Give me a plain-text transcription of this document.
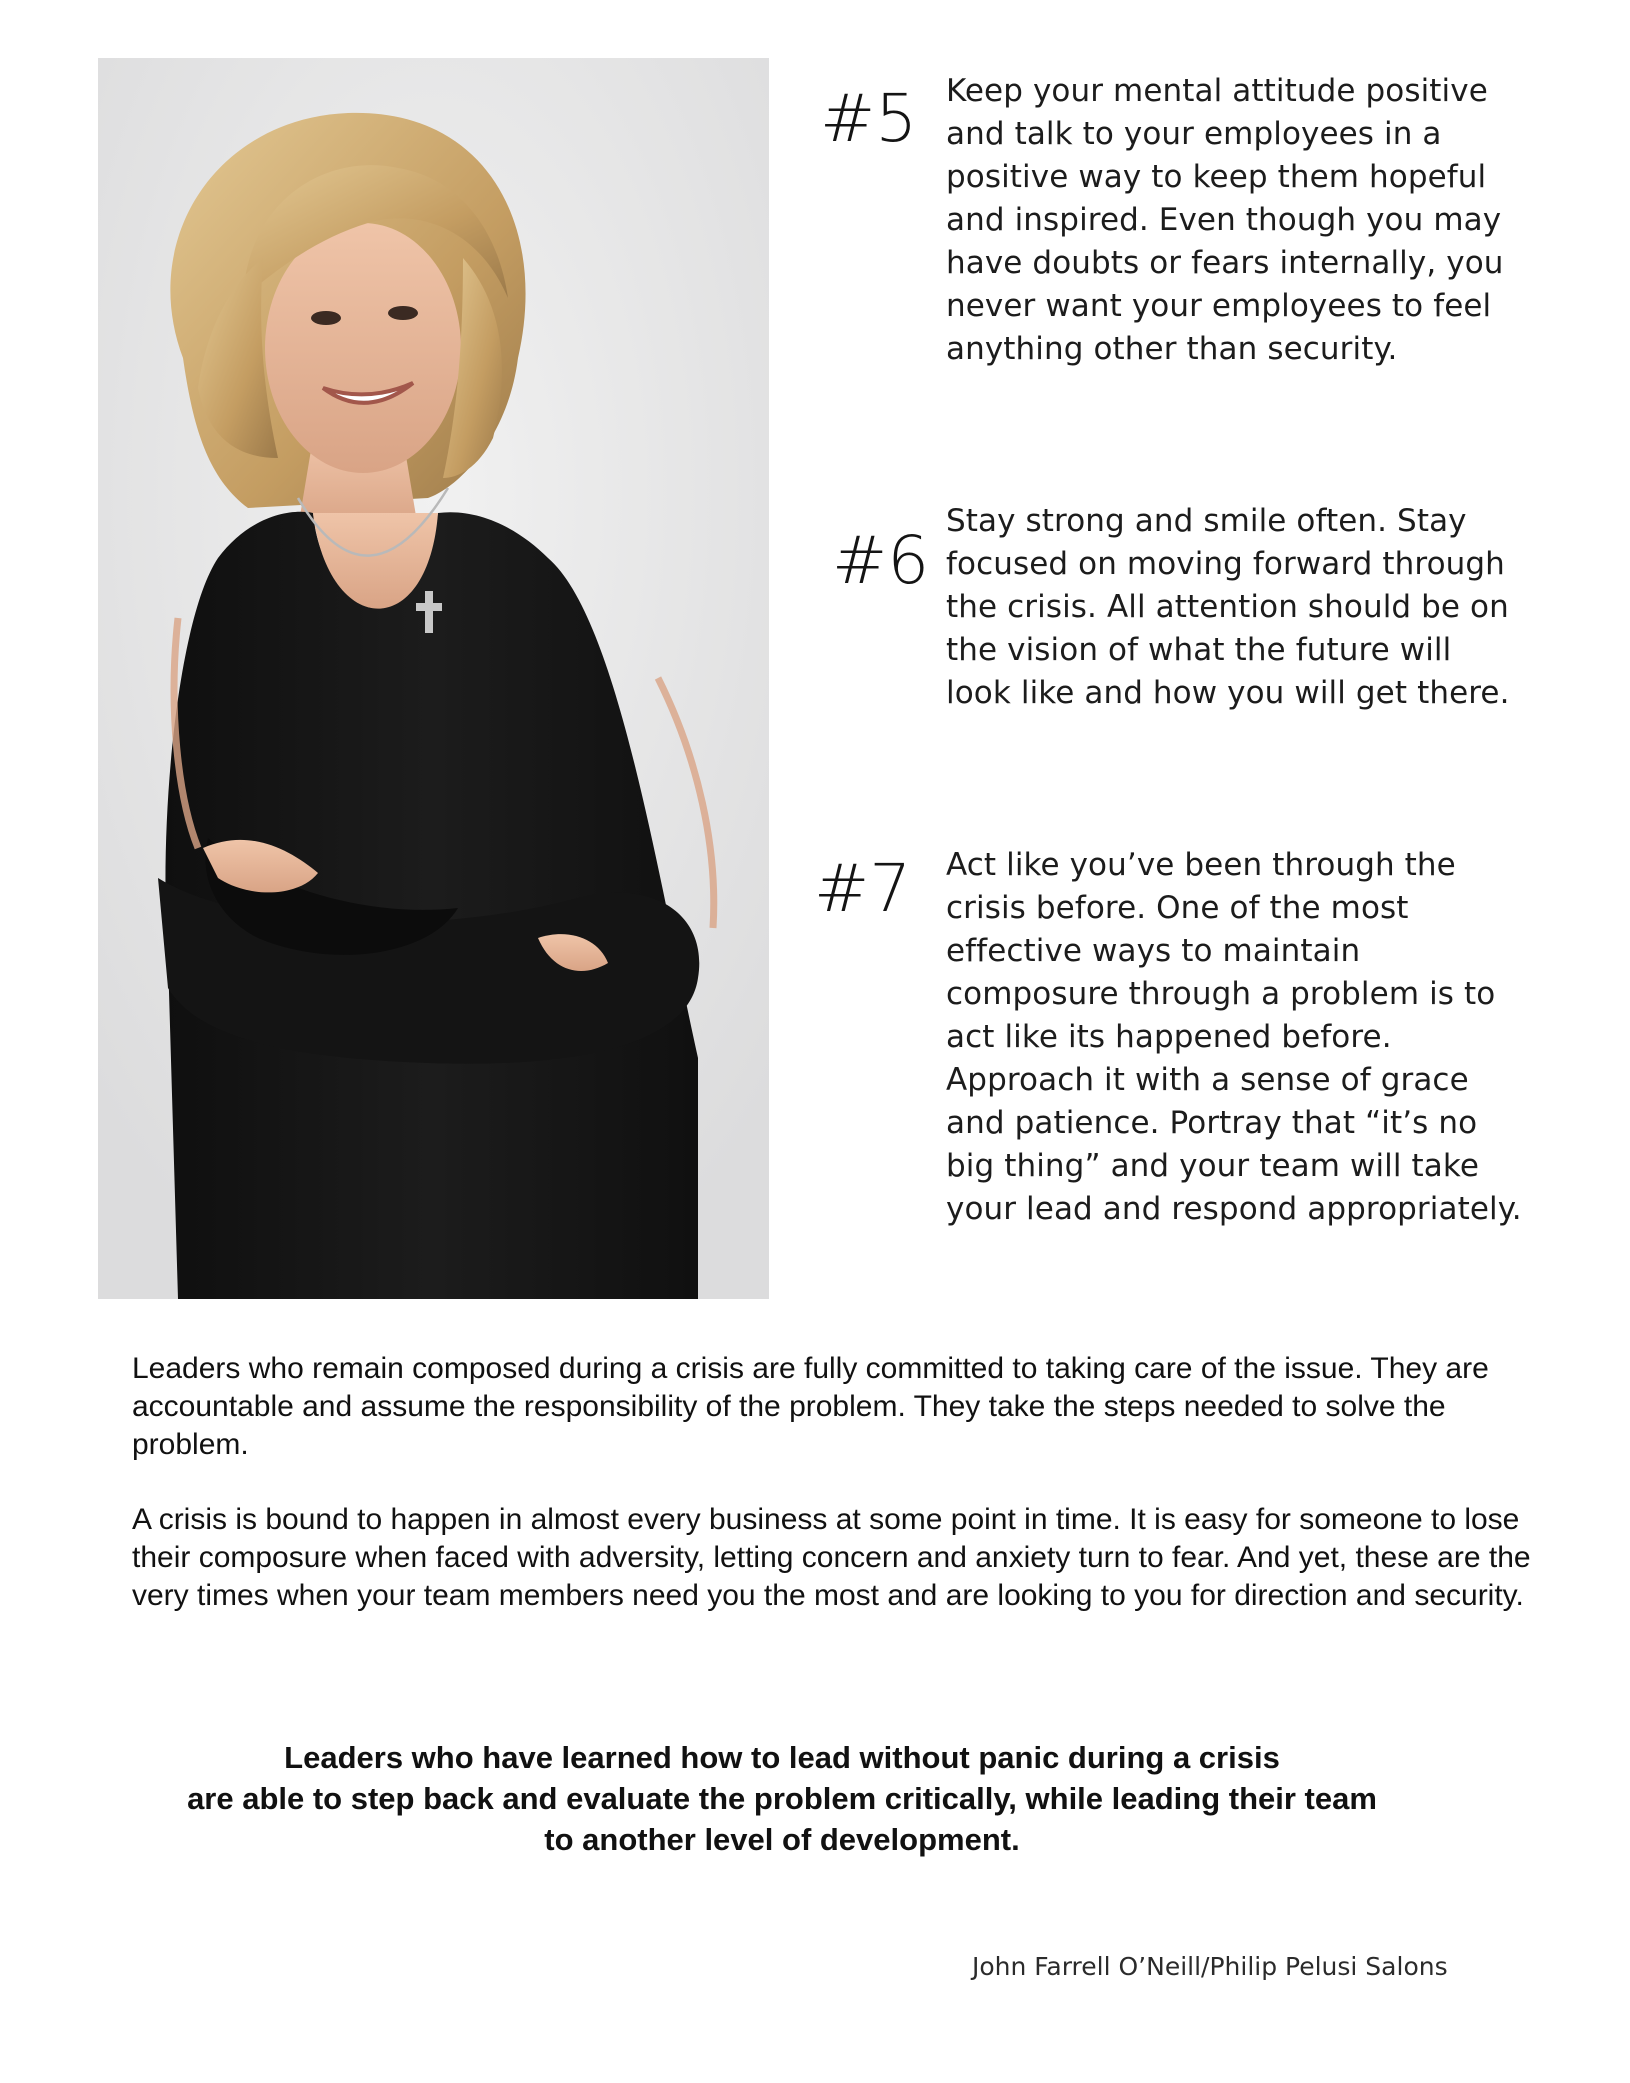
#5 Keep your mental attitude positive and talk to your employees in a positive way to keep them hopeful and inspired. Even though you may have doubts or fears internally, you never want your employees to feel anything other than security.
#6
Stay strong and smile often. Stay focused on moving forward through the crisis. All attention should be on the vision of what the future will look like and how you will get there.
#7 Act like you’ve been through the crisis before. One of the most effective ways to maintain composure through a problem is to act like its happened before. Approach it with a sense of grace and patience. Portray that “it’s no big thing” and your team will take your lead and respond appropriately.

Leaders who remain composed during a crisis are fully committed to taking care of the issue. They are accountable and assume the responsibility of the problem. They take the steps needed to solve the problem.

A crisis is bound to happen in almost every business at some point in time. It is easy for someone to lose their composure when faced with adversity, letting concern and anxiety turn to fear. And yet, these are the very times when your team members need you the most and are looking to you for direction and security.

Leaders who have learned how to lead without panic during a crisis
are able to step back and evaluate the problem critically, while leading their team
to another level of development.
John Farrell O’Neill/Philip Pelusi Salons
